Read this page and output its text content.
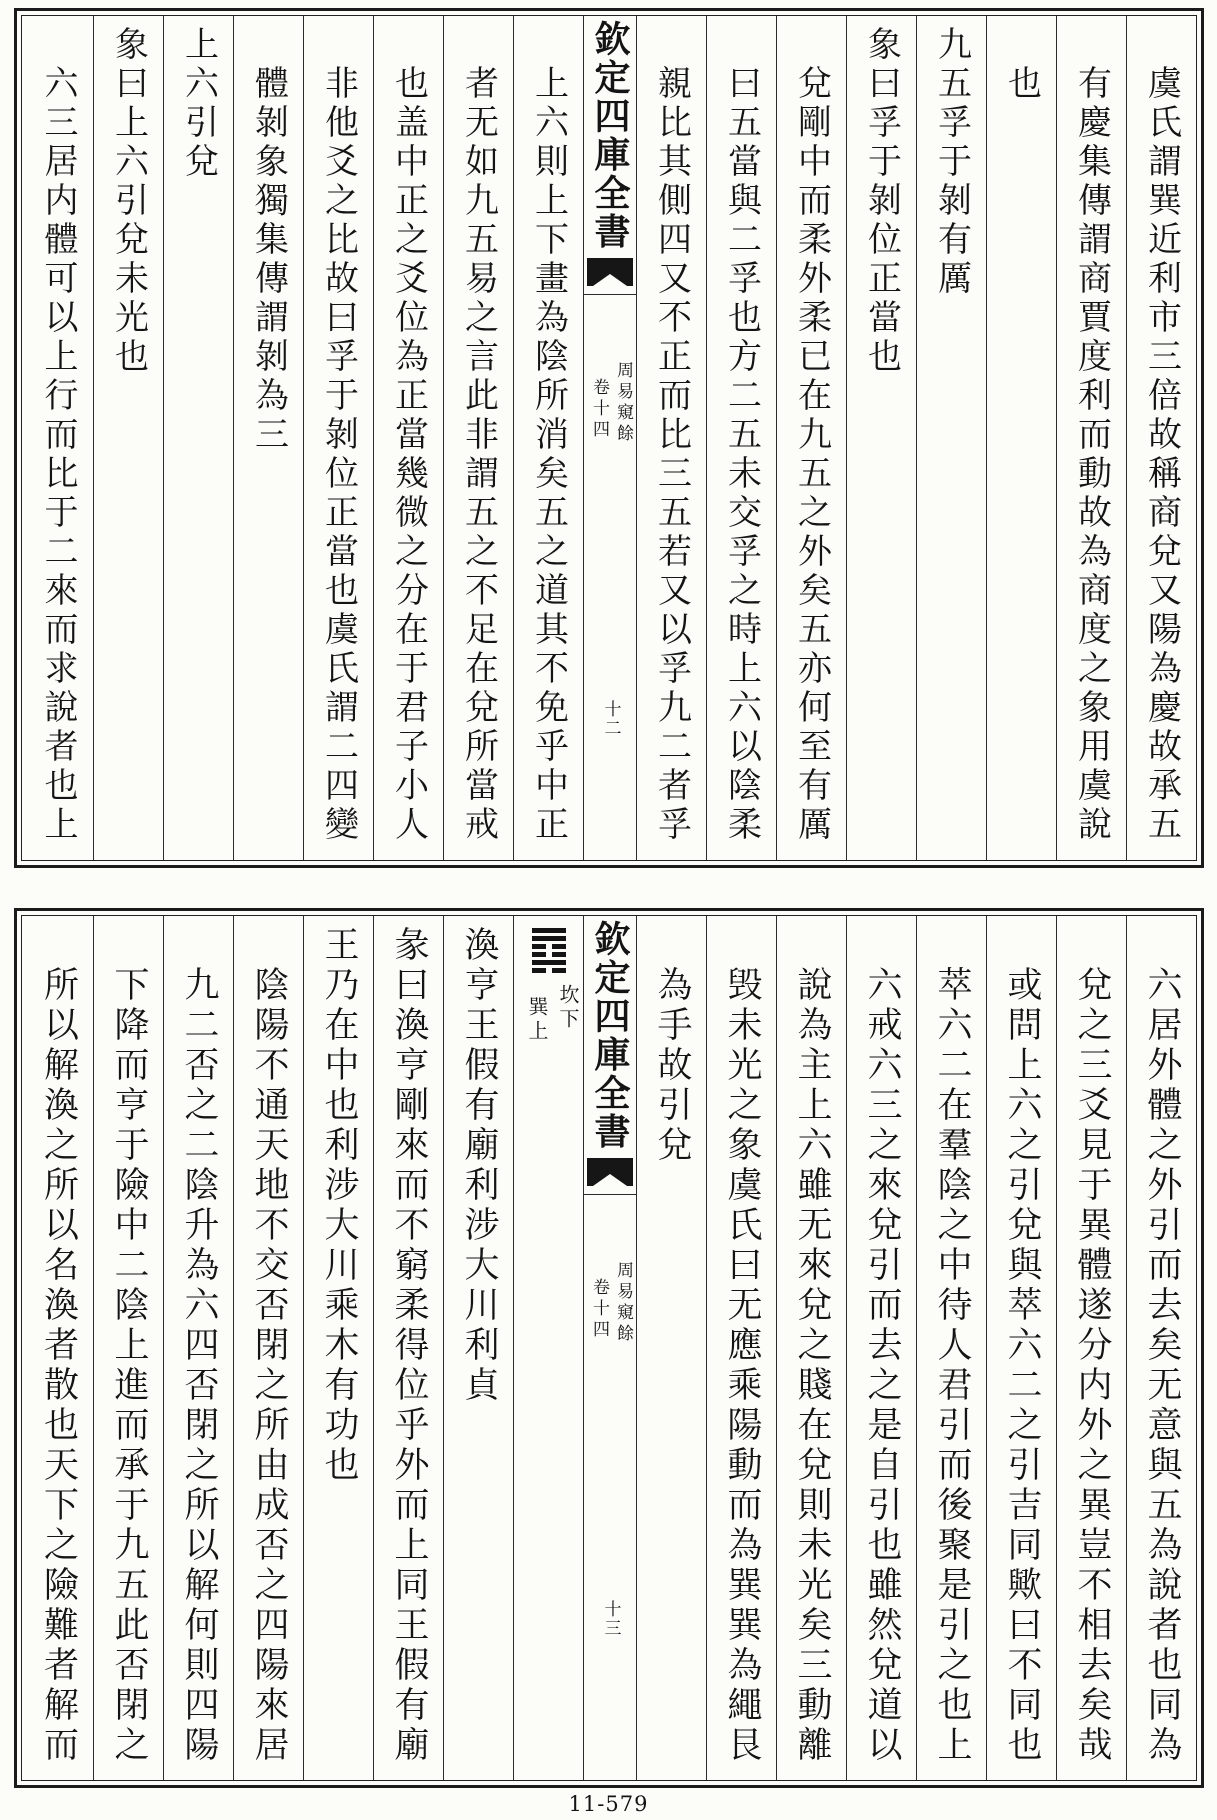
虞氏謂巽近利市三倍故稱商兌又陽為慶故承五
有慶集傳謂商賈度利而動故為商度之象用虞說
也
九五孚于剝有厲
象曰孚于剝位正當也
兌剛中而柔外柔已在九五之外矣五亦何至有厲
曰五當與二孚也方二五未交孚之時上六以陰柔
親比其側四又不正而比三五若又以孚九二者孚
欽定四庫全書
周易窺餘
卷十四
十二
上六則上下畫為陰所消矣五之道其不免乎中正
者无如九五易之言此非謂五之不足在兌所當戒
也盖中正之爻位為正當幾微之分在于君子小人
非他爻之比故曰孚于剝位正當也虞氏謂二四變
體剝象獨集傳謂剝為三
上六引兌
象曰上六引兌未光也
六三居内體可以上行而比于二來而求說者也上
六居外體之外引而去矣无意與五為說者也同為
兌之三爻見于異體遂分内外之異豈不相去矣哉
或問上六之引兌與萃六二之引吉同歟曰不同也
萃六二在羣陰之中待人君引而後聚是引之也上
六戒六三之來兌引而去之是自引也雖然兌道以
說為主上六雖无來兌之賤在兌則未光矣三動離
毁未光之象虞氏曰无應乘陽動而為巽巽為繩艮
為手故引兌
欽定四庫全書
周易窺餘
卷十四
十三
坎下
巽上
渙亨王假有廟利涉大川利貞
彖曰渙亨剛來而不窮柔得位乎外而上同王假有廟
王乃在中也利涉大川乘木有功也
陰陽不通天地不交否閉之所由成否之四陽來居
九二否之二陰升為六四否閉之所以解何則四陽
下降而亨于險中二陰上進而承于九五此否閉之
所以解渙之所以名渙者散也天下之險難者解而
11-579
